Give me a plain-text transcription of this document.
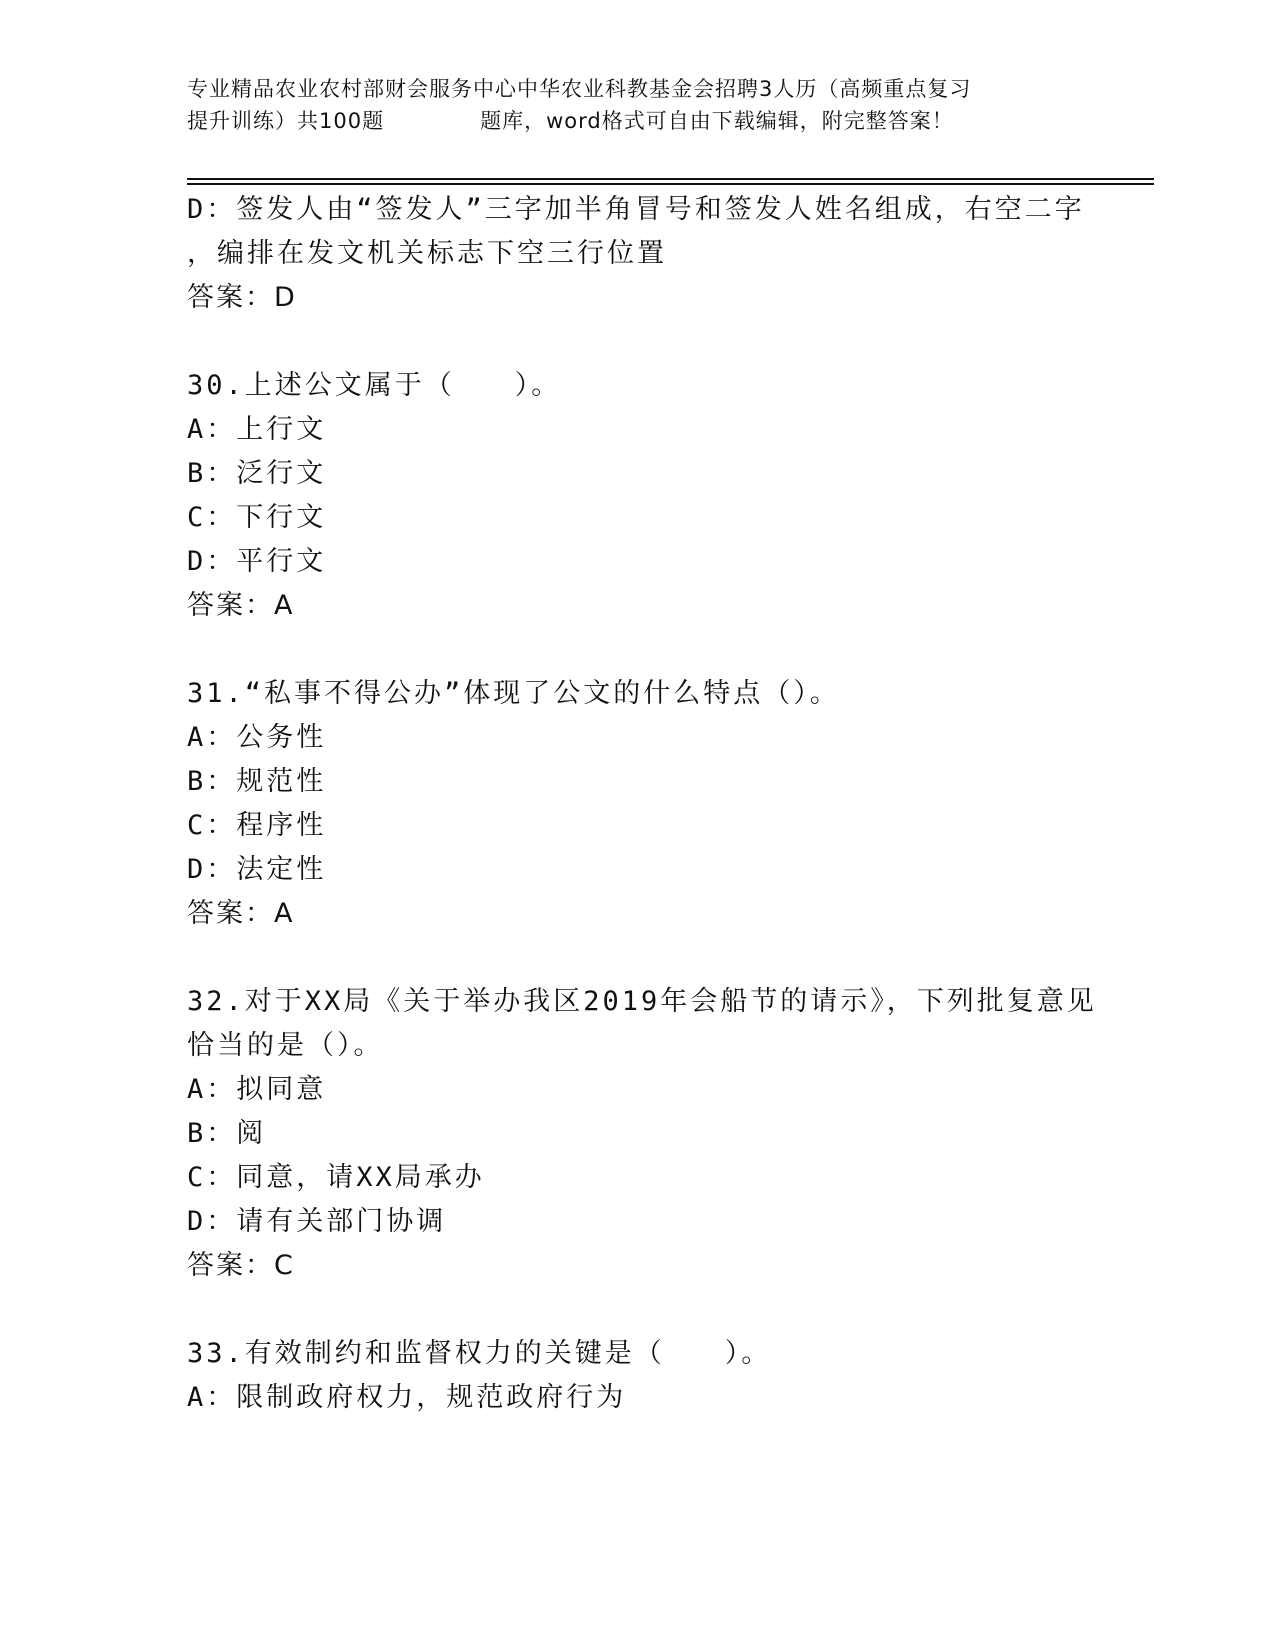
专业精品农业农村部财会服务中心中华农业科教基金会招聘3人历（高频重点复习
提升训练）共100题	题库，word格式可自由下载编辑，附完整答案！
D：签发人由“签发人”三字加半角冒号和签发人姓名组成，右空二字
，编排在发文机关标志下空三行位置
答案：D
30.上述公文属于（　　）。
A：上行文
B：泛行文
C：下行文
D：平行文
答案：A
31.“私事不得公办”体现了公文的什么特点（）。
A：公务性
B：规范性
C：程序性
D：法定性
答案：A
32.对于XX局《关于举办我区2019年会船节的请示》，下列批复意见
恰当的是（）。
A：拟同意
B：阅
C：同意，请XX局承办
D：请有关部门协调
答案：C
33.有效制约和监督权力的关键是（　　）。
A：限制政府权力，规范政府行为
